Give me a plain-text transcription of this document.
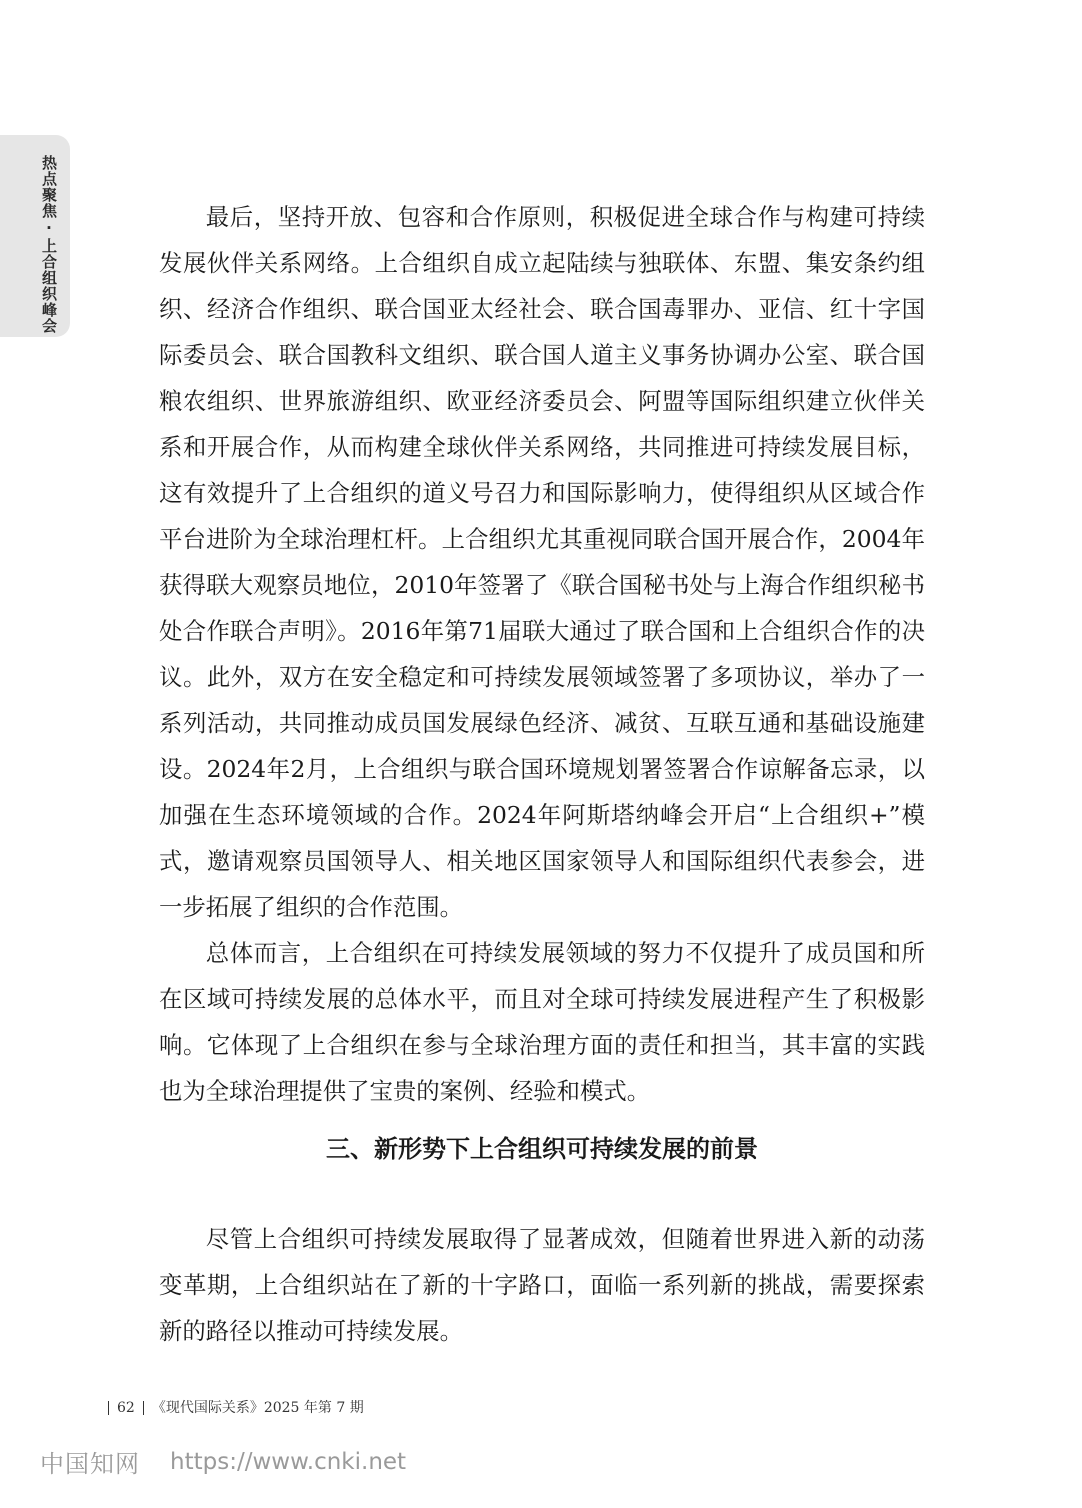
热点聚焦·上合组织峰会	最后，坚持开放、包容和合作原则，积极促进全球合作与构建可持续发展伙伴关系网络。上合组织自成立起陆续与独联体、东盟、集安条约组织、经济合作组织、联合国亚太经社会、联合国毒罪办、亚信、红十字国际委员会、联合国教科文组织、联合国人道主义事务协调办公室、联合国粮农组织、世界旅游组织、欧亚经济委员会、阿盟等国际组织建立伙伴关系和开展合作，从而构建全球伙伴关系网络，共同推进可持续发展目标，这有效提升了上合组织的道义号召力和国际影响力，使得组织从区域合作平台进阶为全球治理杠杆。上合组织尤其重视同联合国开展合作，2004年获得联大观察员地位，2010年签署了《联合国秘书处与上海合作组织秘书处合作联合声明》。2016年第71届联大通过了联合国和上合组织合作的决议。此外，双方在安全稳定和可持续发展领域签署了多项协议，举办了一系列活动，共同推动成员国发展绿色经济、减贫、互联互通和基础设施建设。2024年2月，上合组织与联合国环境规划署签署合作谅解备忘录，以加强在生态环境领域的合作。2024年阿斯塔纳峰会开启“上合组织+”模式，邀请观察员国领导人、相关地区国家领导人和国际组织代表参会，进一步拓展了组织的合作范围。

总体而言，上合组织在可持续发展领域的努力不仅提升了成员国和所在区域可持续发展的总体水平，而且对全球可持续发展进程产生了积极影响。它体现了上合组织在参与全球治理方面的责任和担当，其丰富的实践也为全球治理提供了宝贵的案例、经验和模式。

三、新形势下上合组织可持续发展的前景

尽管上合组织可持续发展取得了显著成效，但随着世界进入新的动荡变革期，上合组织站在了新的十字路口，面临一系列新的挑战，需要探索新的路径以推动可持续发展。

62 《现代国际关系》2025 年第 7 期
中国知网 https://www.cnki.net
